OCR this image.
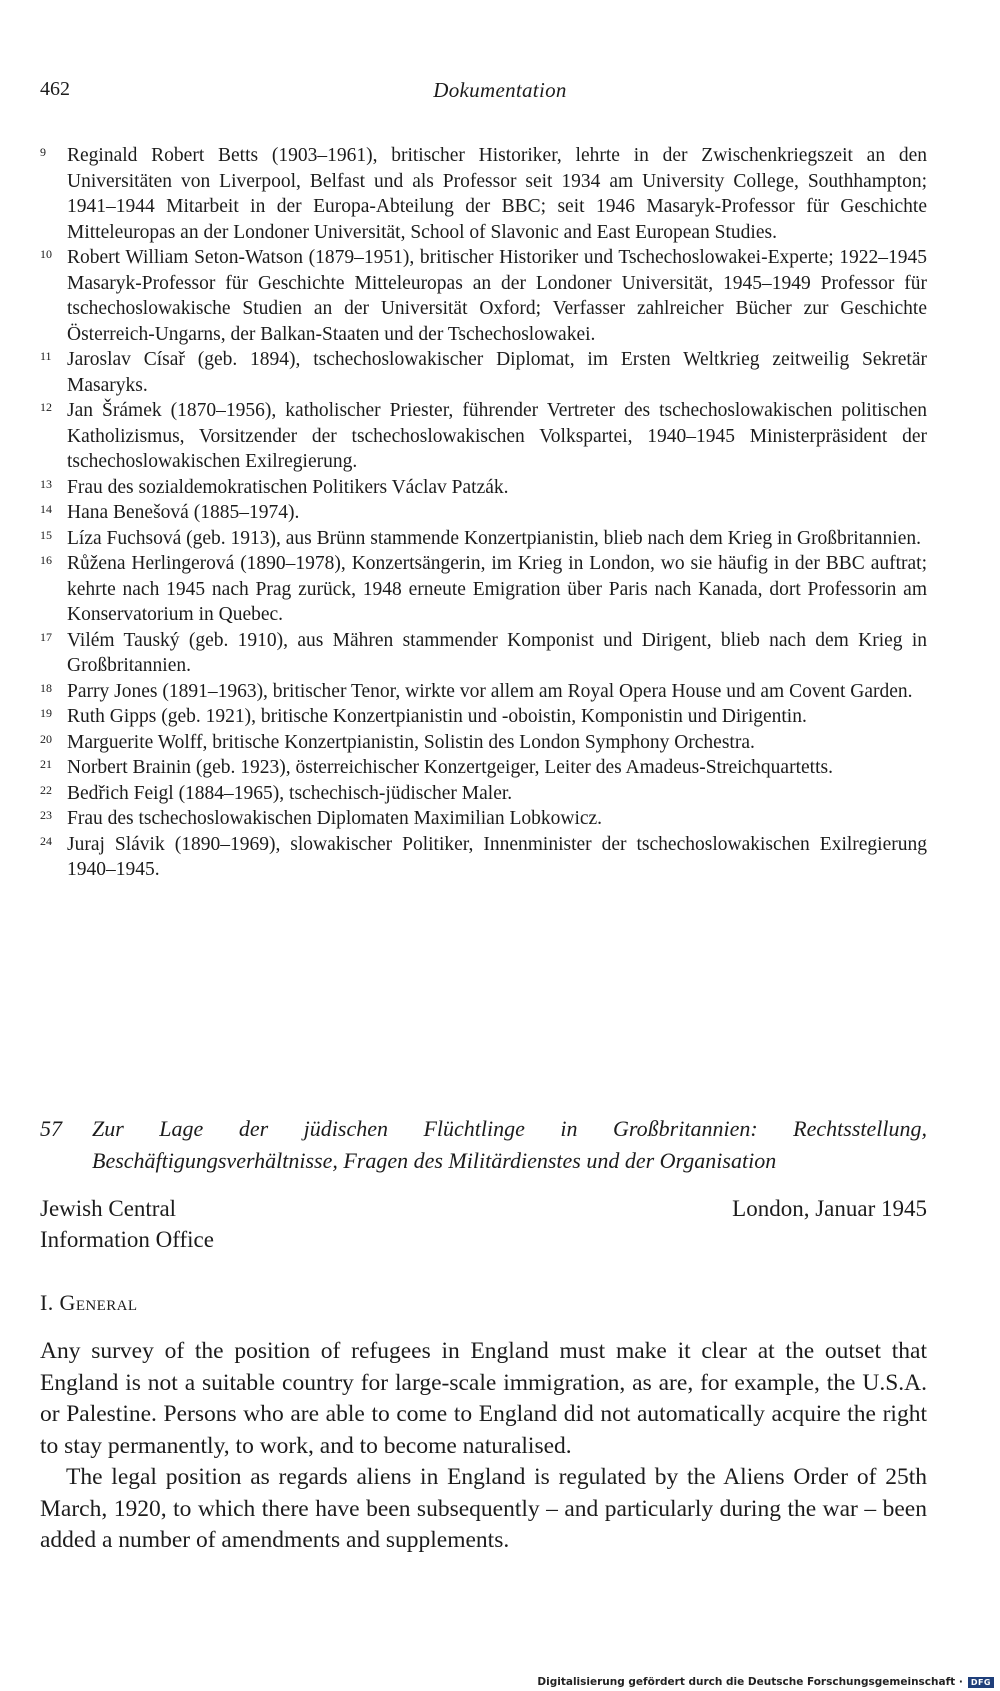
462	Dokumentation
9	Reginald Robert Betts (1903–1961), britischer Historiker, lehrte in der Zwischenkriegszeit an den Universitäten von Liverpool, Belfast und als Professor seit 1934 am University College, Southhampton; 1941–1944 Mitarbeit in der Europa-Abteilung der BBC; seit 1946 Masaryk-Professor für Geschichte Mitteleuropas an der Londoner Universität, School of Slavonic and East European Studies.
10 Robert William Seton-Watson (1879–1951), britischer Historiker und Tschechoslowakei-Experte; 1922–1945 Masaryk-Professor für Geschichte Mitteleuropas an der Londoner Universität, 1945–1949 Professor für tschechoslowakische Studien an der Universität Oxford; Verfasser zahlreicher Bücher zur Geschichte Österreich-Ungarns, der Balkan-Staaten und der Tschechoslowakei.
11 Jaroslav Císař (geb. 1894), tschechoslowakischer Diplomat, im Ersten Weltkrieg zeitweilig Sekretär Masaryks.
12 Jan Šrámek (1870–1956), katholischer Priester, führender Vertreter des tschechoslowakischen politischen Katholizismus, Vorsitzender der tschechoslowakischen Volkspartei, 1940–1945 Ministerpräsident der tschechoslowakischen Exilregierung.
13 Frau des sozialdemokratischen Politikers Václav Patzák.
14 Hana Benešová (1885–1974).
15 Líza Fuchsová (geb. 1913), aus Brünn stammende Konzertpianistin, blieb nach dem Krieg in Großbritannien.
16 Růžena Herlingerová (1890–1978), Konzertsängerin, im Krieg in London, wo sie häufig in der BBC auftrat; kehrte nach 1945 nach Prag zurück, 1948 erneute Emigration über Paris nach Kanada, dort Professorin am Konservatorium in Quebec.
17 Vilém Tauský (geb. 1910), aus Mähren stammender Komponist und Dirigent, blieb nach dem Krieg in Großbritannien.
18 Parry Jones (1891–1963), britischer Tenor, wirkte vor allem am Royal Opera House und am Covent Garden.
19 Ruth Gipps (geb. 1921), britische Konzertpianistin und -oboistin, Komponistin und Dirigentin.
20 Marguerite Wolff, britische Konzertpianistin, Solistin des London Symphony Orchestra.
21 Norbert Brainin (geb. 1923), österreichischer Konzertgeiger, Leiter des Amadeus-Streichquartetts.
22 Bedřich Feigl (1884–1965), tschechisch-jüdischer Maler.
23 Frau des tschechoslowakischen Diplomaten Maximilian Lobkowicz.
24 Juraj Slávik (1890–1969), slowakischer Politiker, Innenminister der tschechoslowakischen Exilregierung 1940–1945.
57	Zur Lage der jüdischen Flüchtlinge in Großbritannien: Rechtsstellung, Beschäftigungsverhältnisse, Fragen des Militärdienstes und der Organisation
Jewish Central
Information Office
London, Januar 1945
I. General

Any survey of the position of refugees in England must make it clear at the outset that England is not a suitable country for large-scale immigration, as are, for example, the U.S.A. or Palestine. Persons who are able to come to England did not automatically acquire the right to stay permanently, to work, and to become naturalised.

The legal position as regards aliens in England is regulated by the Aliens Order of 25th March, 1920, to which there have been subsequently – and particularly during the war – been added a number of amendments and supplements.

Digitalisierung gefördert durch die Deutsche Forschungsgemeinschaft ·	DFG
